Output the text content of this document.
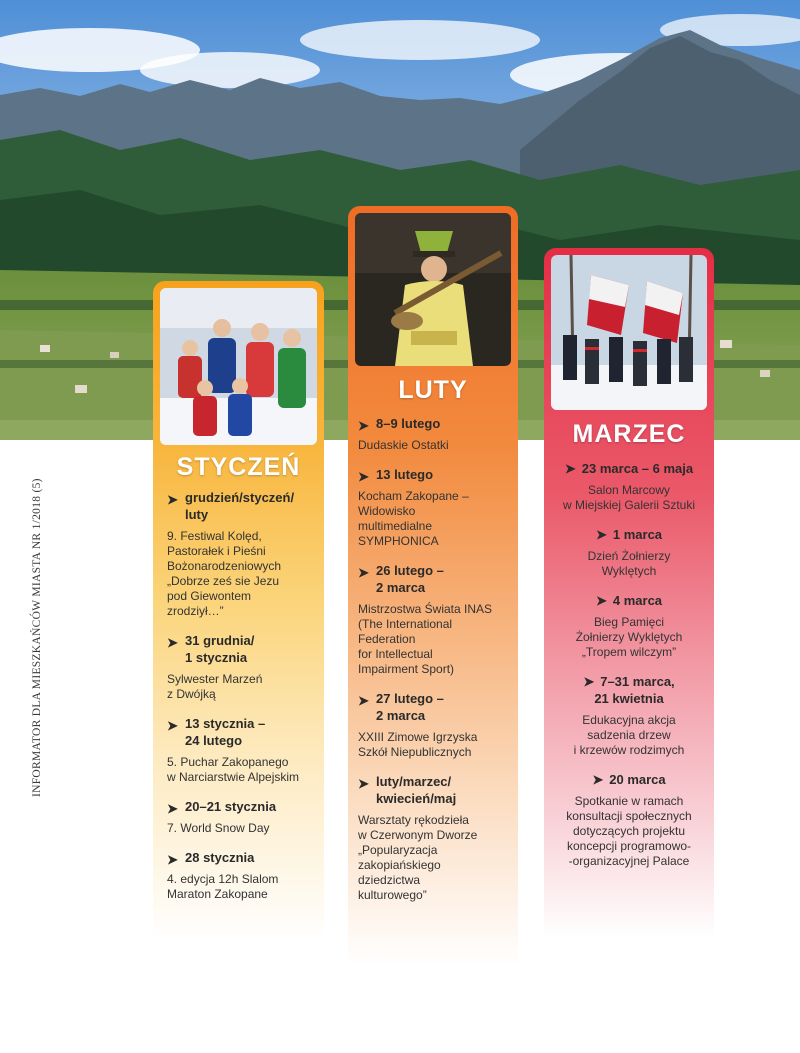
INFORMATOR DLA MIESZKAŃCÓW MIASTA NR 1/2018 (5)
STYCZEŃ
➤ grudzień/styczeń/
luty
9. Festiwal Kolęd,
Pastorałek i Pieśni
Bożonarodzeniowych
„Dobrze ześ sie Jezu
pod Giewontem
zrodziył…”
➤ 31 grudnia/
1 stycznia
Sylwester Marzeń
z Dwójką
➤ 13 stycznia –
24 lutego
5. Puchar Zakopanego
w Narciarstwie Alpejskim
➤ 20–21 stycznia
7. World Snow Day
➤ 28 stycznia
4. edycja 12h Slalom
Maraton Zakopane
LUTY
➤ 8–9 lutego
Dudaskie Ostatki
➤ 13 lutego
Kocham Zakopane –
Widowisko
multimedialne
SYMPHONICA
➤ 26 lutego –
2 marca
Mistrzostwa Świata INAS
(The International
Federation
for Intellectual
Impairment Sport)
➤ 27 lutego –
2 marca
XXIII Zimowe Igrzyska
Szkół Niepublicznych
➤ luty/marzec/
kwiecień/maj
Warsztaty rękodzieła
w Czerwonym Dworze
„Popularyzacja
zakopiańskiego
dziedzictwa
kulturowego”
MARZEC
➤ 23 marca – 6 maja
Salon Marcowy
w Miejskiej Galerii Sztuki
➤ 1 marca
Dzień Żołnierzy
Wyklętych
➤ 4 marca
Bieg Pamięci
Żołnierzy Wyklętych
„Tropem wilczym”
➤ 7–31 marca,
21 kwietnia
Edukacyjna akcja
sadzenia drzew
i krzewów rodzimych
➤ 20 marca
Spotkanie w ramach
konsultacji społecznych
dotyczących projektu
koncepcji programowo-
-organizacyjnej Palace
